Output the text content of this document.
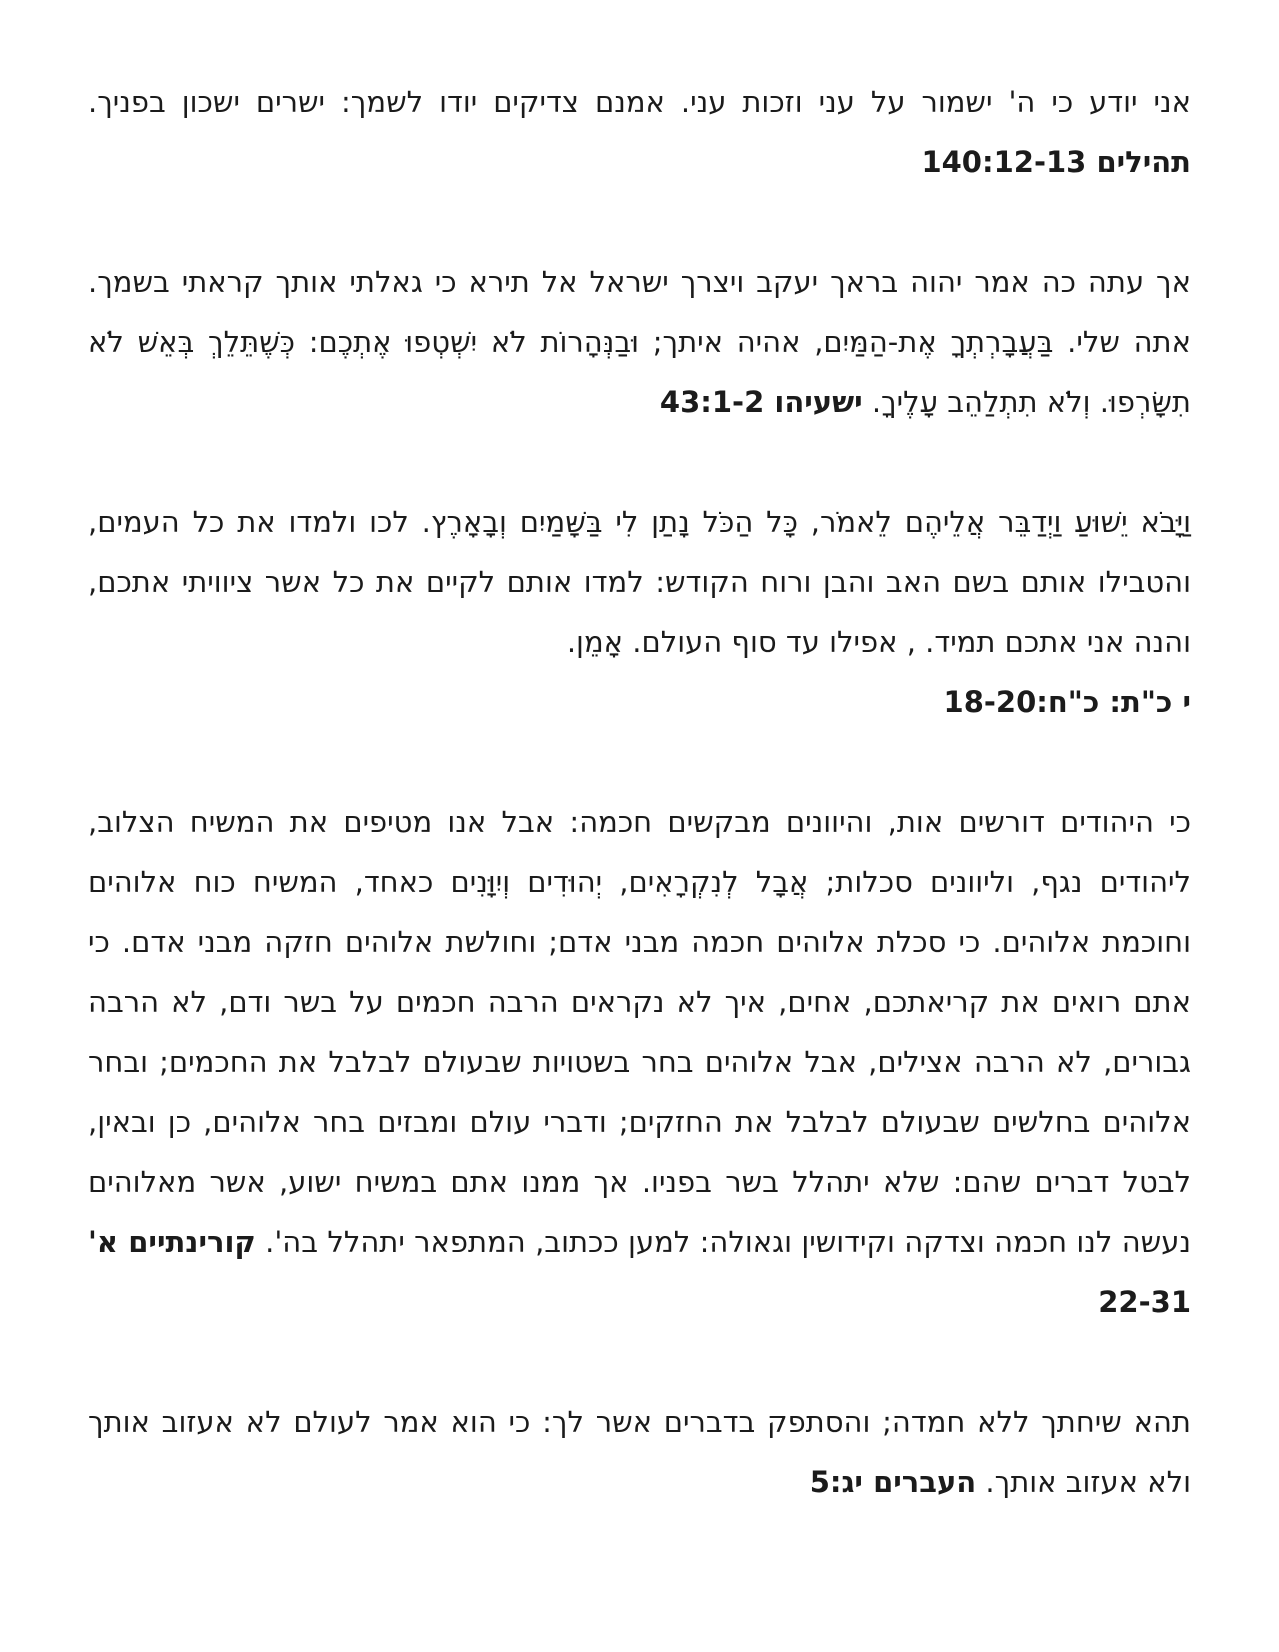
אני יודע כי ה' ישמור על עני וזכות עני. אמנם צדיקים יודו לשמך: ישרים ישכון בפניך. תהילים 140:12-13

אך עתה כה אמר יהוה בראך יעקב ויצרך ישראל אל תירא כי גאלתי אותך קראתי בשמך. אתה שלי. בַּעֲבָרְתְךָ אֶת-הַמַּיִם, אהיה איתך; וּבַנְּהָרוֹת לֹא יִשְׁטְפוּ אֶתְכֶם: כְּשֶׁתֵּלֵךְ בְּאֵשׁ לֹא תִשָּׂרְפוּ. וְלֹא תִתְלַהֵב עָלֶיךָ. ישעיהו 43:1-2

וַיָּבֹא יֵשׁוּעַ וַיְדַבֵּר אֲלֵיהֶם לֵאמֹר, כָּל הַכֹּל נָתַן לִי בַּשָּׁמַיִם וְבָאָרֶץ. לכו ולמדו את כל העמים, והטבילו אותם בשם האב והבן ורוח הקודש: למדו אותם לקיים את כל אשר ציוויתי אתכם, והנה אני אתכם תמיד. , אפילו עד סוף העולם. אָמֵן.
י כ"ת: כ"ח:18-20

כי היהודים דורשים אות, והיוונים מבקשים חכמה: אבל אנו מטיפים את המשיח הצלוב, ליהודים נגף, וליוונים סכלות; אֲבָל לְנִקְרָאִים, יְהוּדִים וְיִוָּנִים כאחד, המשיח כוח אלוהים וחוכמת אלוהים. כי סכלת אלוהים חכמה מבני אדם; וחולשת אלוהים חזקה מבני אדם. כי אתם רואים את קריאתכם, אחים, איך לא נקראים הרבה חכמים על בשר ודם, לא הרבה גבורים, לא הרבה אצילים, אבל אלוהים בחר בשטויות שבעולם לבלבל את החכמים; ובחר אלוהים בחלשים שבעולם לבלבל את החזקים; ודברי עולם ומבזים בחר אלוהים, כן ובאין, לבטל דברים שהם: שלא יתהלל בשר בפניו. אך ממנו אתם במשיח ישוע, אשר מאלוהים נעשה לנו חכמה וצדקה וקידושין וגאולה: למען ככתוב, המתפאר יתהלל בה'. קורינתיים א' 22-31

תהא שיחתך ללא חמדה; והסתפק בדברים אשר לך: כי הוא אמר לעולם לא אעזוב אותך ולא אעזוב אותך. העברים יג:5
